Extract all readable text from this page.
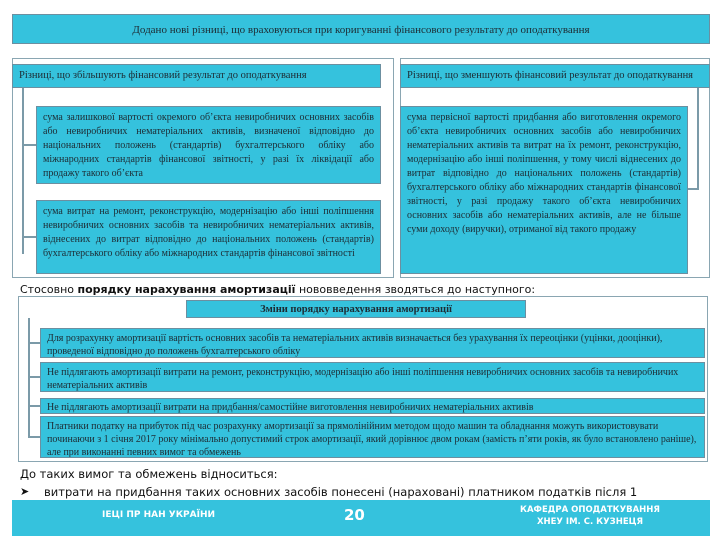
Додано нові різниці, що враховуються при коригуванні фінансового результату до оподаткування
Різниці, що збільшують фінансовий результат до оподаткування
сума залишкової вартості окремого об’єкта невиробничих основних засобів або невиробничих нематеріальних активів, визначеної відповідно до національних положень (стандартів) бухгалтерського обліку або міжнародних стандартів фінансової звітності, у разі їх ліквідації або продажу такого об’єкта
сума витрат на ремонт, реконструкцію, модернізацію або інші поліпшення невиробничих основних засобів та невиробничих нематеріальних активів, віднесених до витрат відповідно до національних положень (стандартів) бухгалтерського обліку або міжнародних стандартів фінансової звітності
Різниці, що зменшують фінансовий результат до оподаткування
сума первісної вартості придбання або виготовлення окремого об’єкта невиробничих основних засобів або невиробничих нематеріальних активів та витрат на їх ремонт, реконструкцію, модернізацію або інші поліпшення, у тому числі віднесених до витрат відповідно до національних положень (стандартів) бухгалтерського обліку або міжнародних стандартів фінансової звітності, у разі продажу такого об’єкта невиробничих основних засобів або нематеріальних активів, але не більше суми доходу (виручки), отриманої від такого продажу
Стосовно порядку нарахування амортизації нововведення зводяться до наступного:
Зміни порядку нарахування амортизації
Для розрахунку амортизації вартість основних засобів та нематеріальних активів визначається без урахування їх переоцінки (уцінки, дооцінки), проведеної відповідно до положень бухгалтерського обліку
Не підлягають амортизації витрати на ремонт, реконструкцію, модернізацію або інші поліпшення невиробничих основних засобів та невиробничих нематеріальних активів
Не підлягають амортизації витрати на придбання/самостійне виготовлення невиробничих нематеріальних активів
Платники податку на прибуток під час розрахунку амортизації за прямолінійним методом щодо машин та обладнання можуть використовувати починаючи з 1 січня 2017 року мінімально допустимий строк амортизації, який дорівнює двом рокам (замість п’яти років, як було встановлено раніше), але при виконанні певних вимог та обмежень
ІЕЦІ ПР НАН УКРАЇНИ	20	КАФЕДРА ОПОДАТКУВАННЯ
ХНЕУ ІМ. С. КУЗНЕЦЯ
До таких вимог та обмежень відноситься:
➤ витрати на придбання таких основних засобів понесені (нараховані) платником податків після 1
